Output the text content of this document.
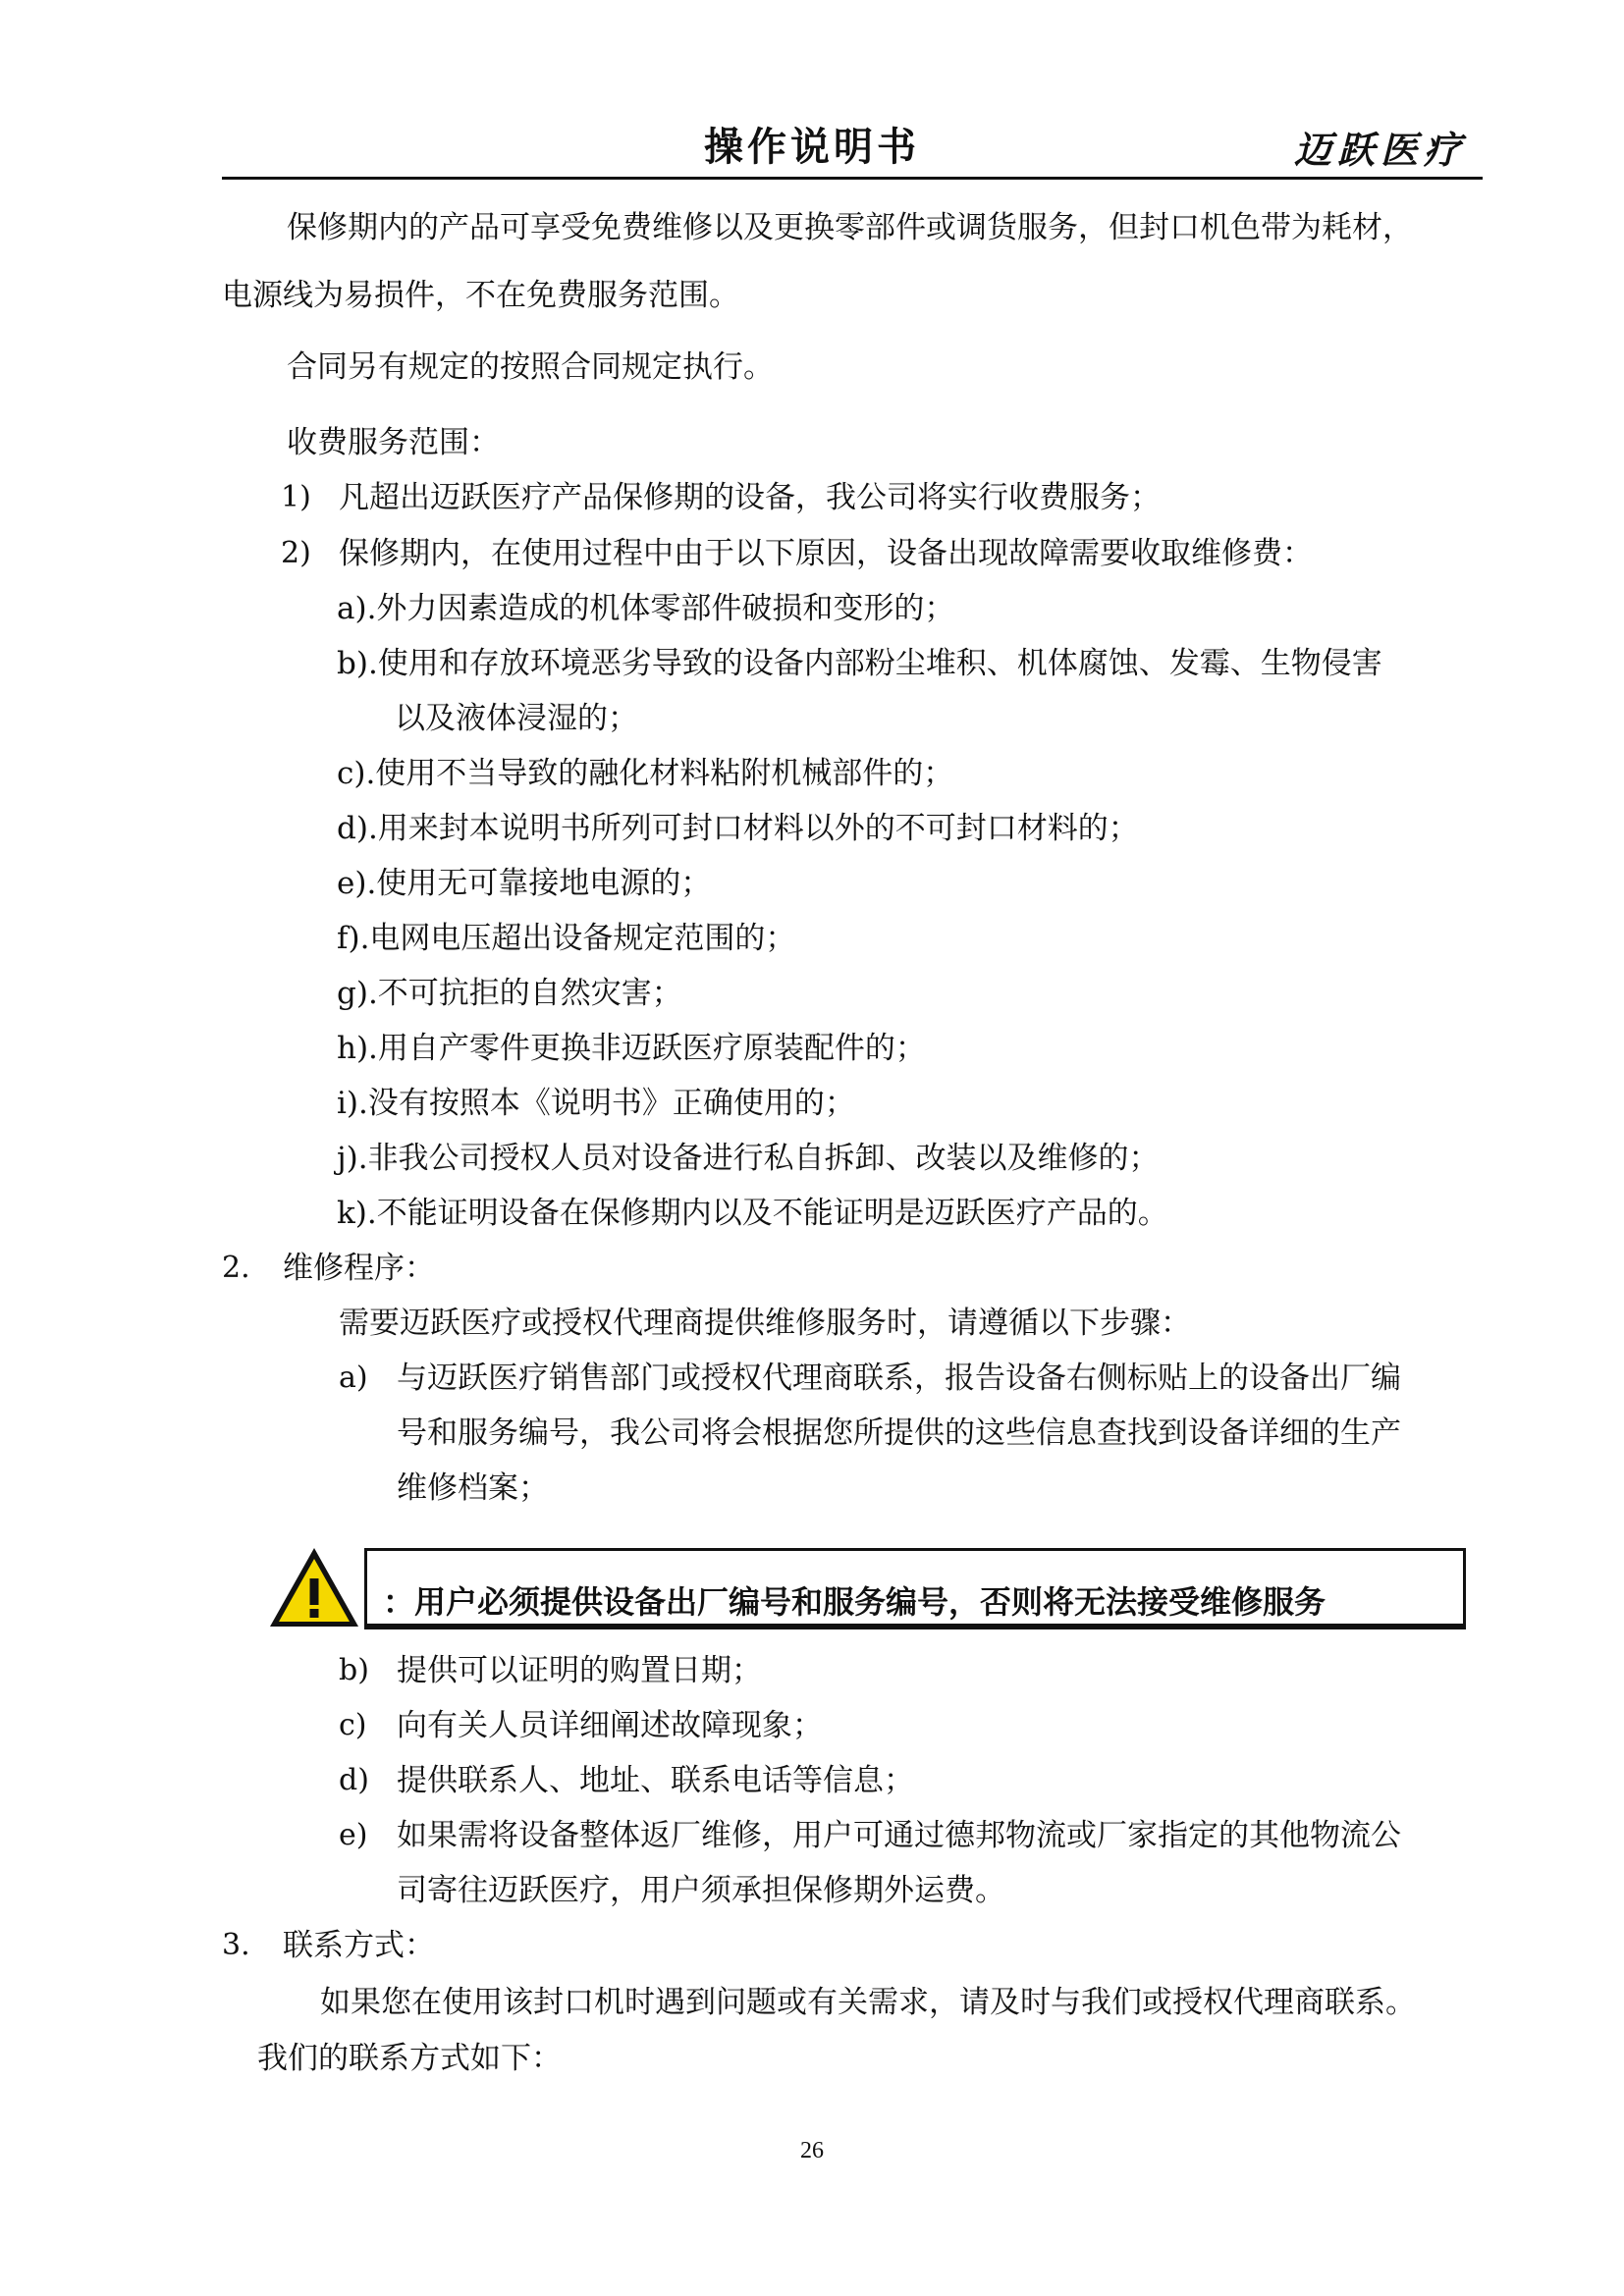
操作说明书	迈跃医疗
保修期内的产品可享受免费维修以及更换零部件或调货服务，但封口机色带为耗材，
电源线为易损件，不在免费服务范围。
合同另有规定的按照合同规定执行。
收费服务范围：
1) 凡超出迈跃医疗产品保修期的设备，我公司将实行收费服务；
2) 保修期内，在使用过程中由于以下原因，设备出现故障需要收取维修费：
a).外力因素造成的机体零部件破损和变形的；
b).使用和存放环境恶劣导致的设备内部粉尘堆积、机体腐蚀、发霉、生物侵害
以及液体浸湿的；
c).使用不当导致的融化材料粘附机械部件的；
d).用来封本说明书所列可封口材料以外的不可封口材料的；
e).使用无可靠接地电源的；
f).电网电压超出设备规定范围的；
g).不可抗拒的自然灾害；
h).用自产零件更换非迈跃医疗原装配件的；
i).没有按照本《说明书》正确使用的；
j).非我公司授权人员对设备进行私自拆卸、改装以及维修的；
k).不能证明设备在保修期内以及不能证明是迈跃医疗产品的。
2. 维修程序：
需要迈跃医疗或授权代理商提供维修服务时，请遵循以下步骤：
a) 与迈跃医疗销售部门或授权代理商联系，报告设备右侧标贴上的设备出厂编
号和服务编号，我公司将会根据您所提供的这些信息查找到设备详细的生产
维修档案；
：用户必须提供设备出厂编号和服务编号，否则将无法接受维修服务
b) 提供可以证明的购置日期；
c) 向有关人员详细阐述故障现象；
d) 提供联系人、地址、联系电话等信息；
e) 如果需将设备整体返厂维修，用户可通过德邦物流或厂家指定的其他物流公
司寄往迈跃医疗，用户须承担保修期外运费。
3. 联系方式：
如果您在使用该封口机时遇到问题或有关需求，请及时与我们或授权代理商联系。
我们的联系方式如下：
26
